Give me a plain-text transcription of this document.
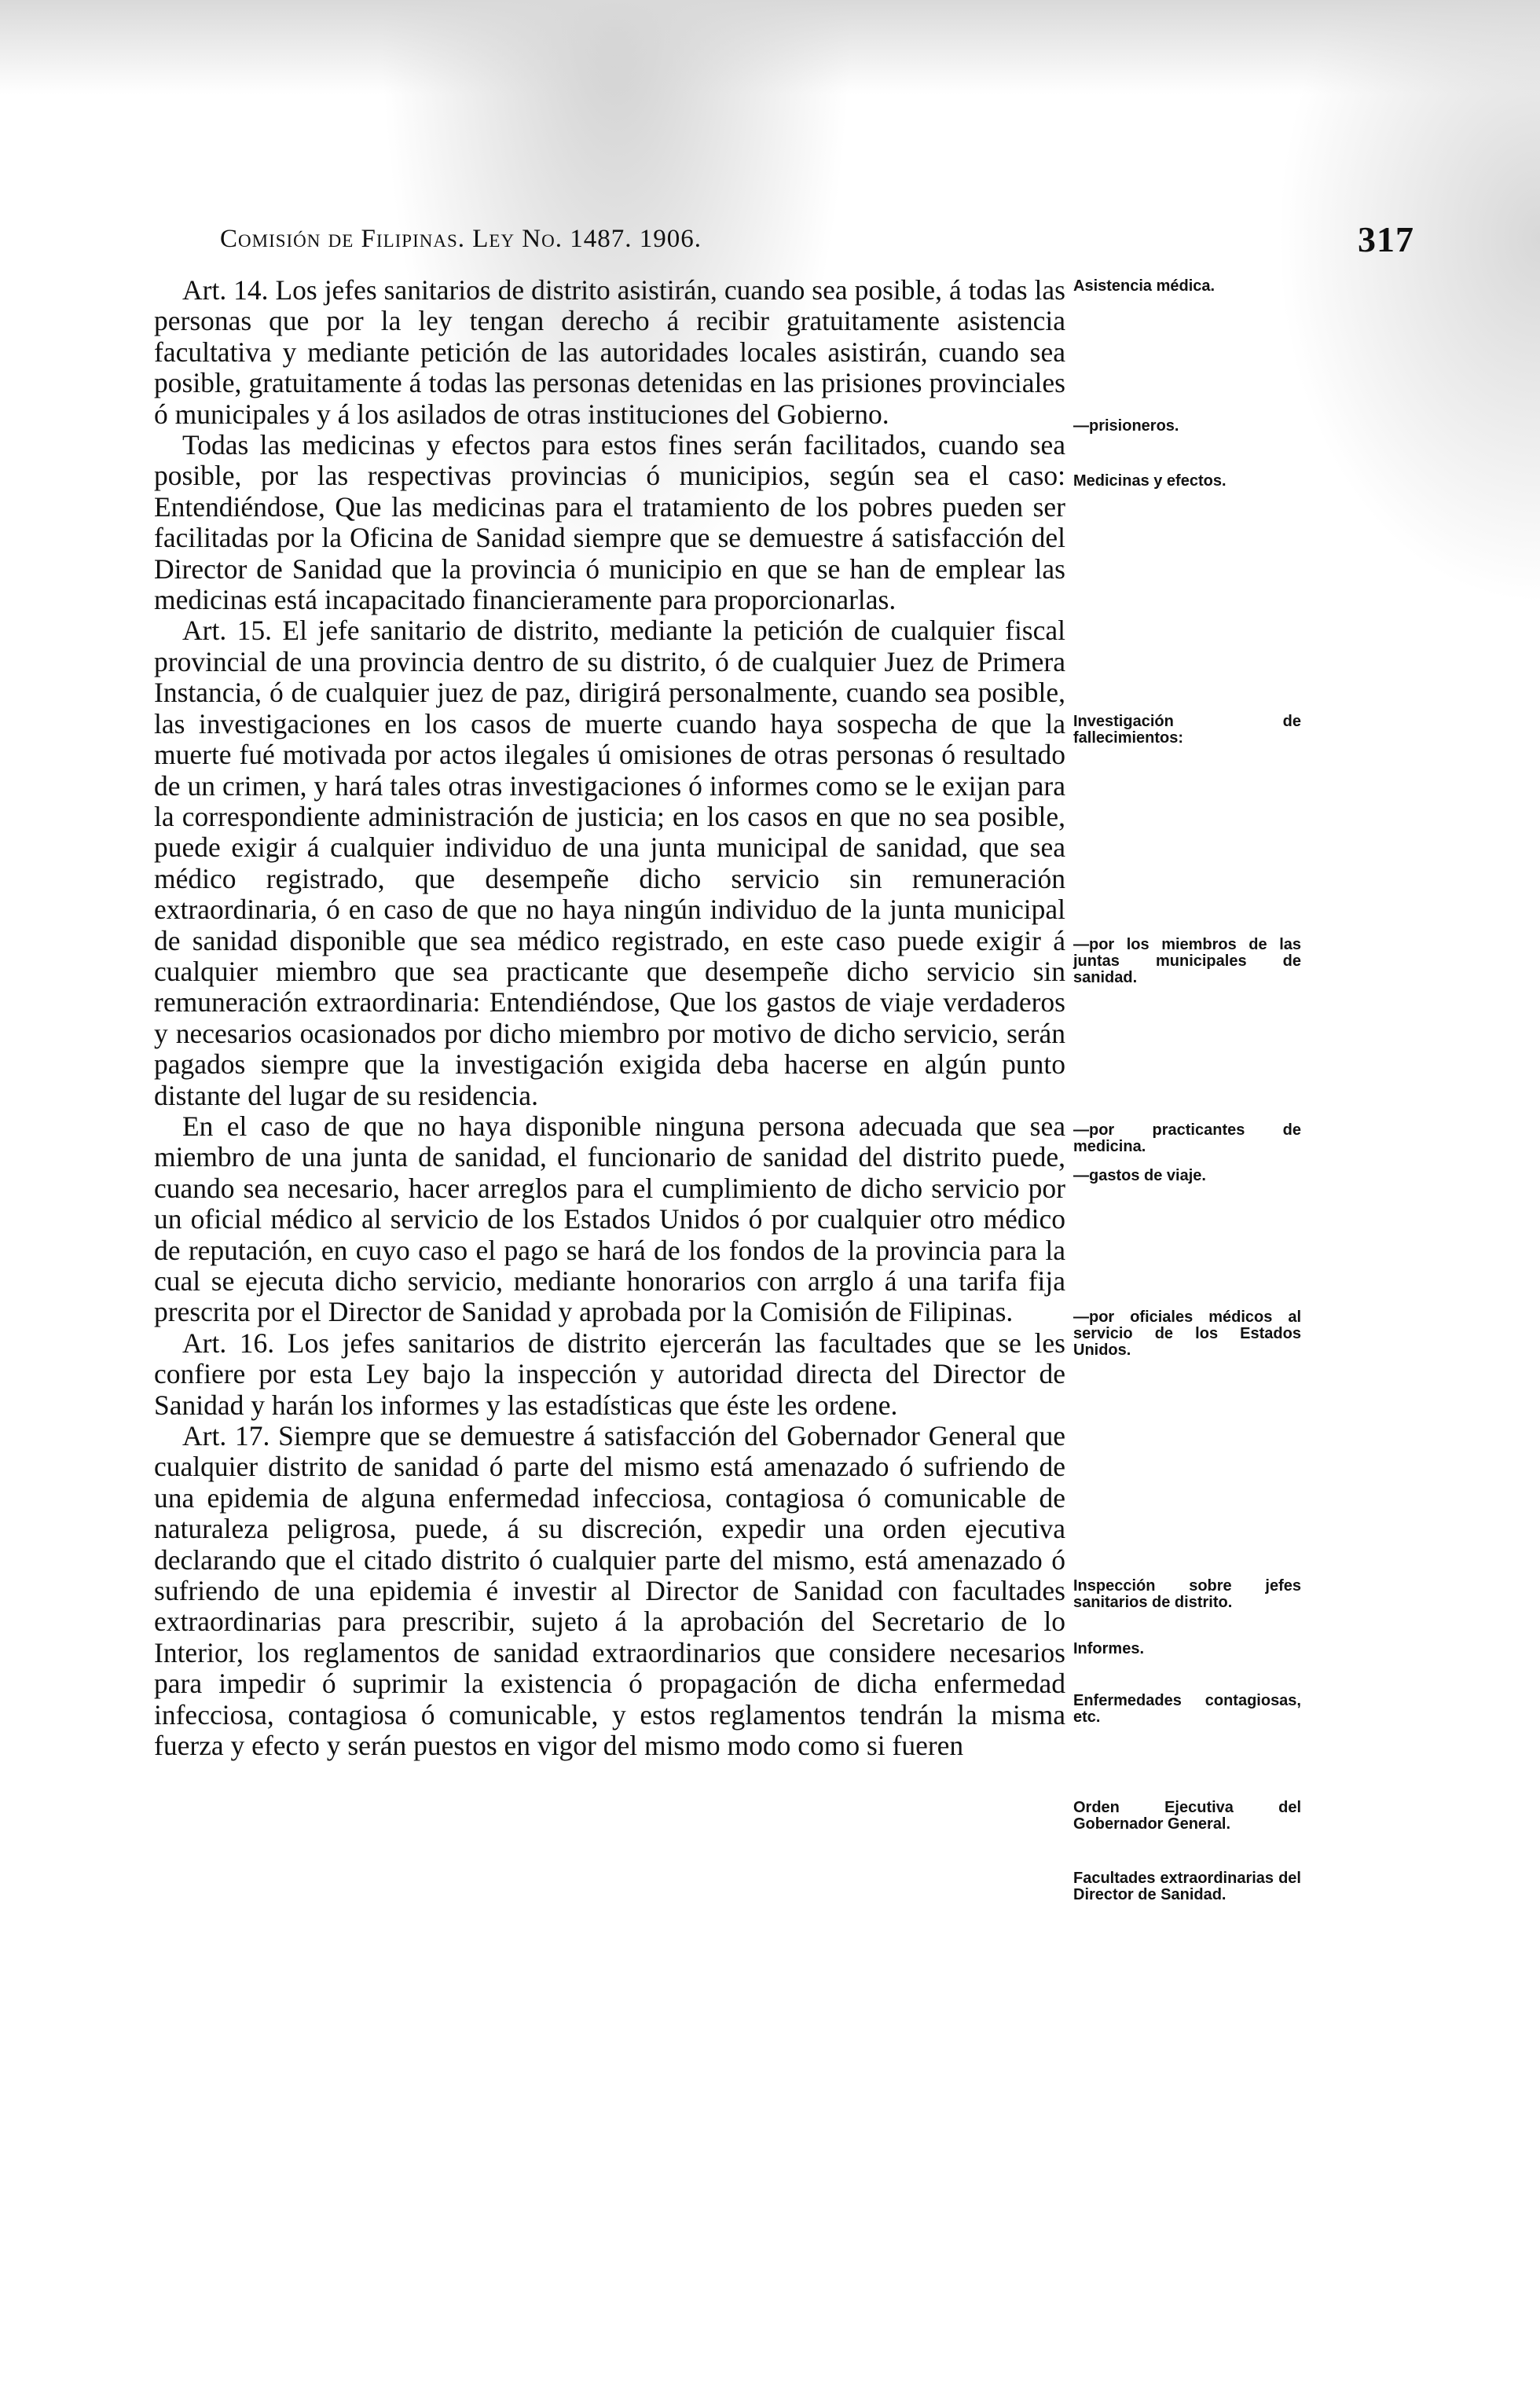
Comisión de Filipinas. Ley No. 1487. 1906.	317

Art. 14. Los jefes sanitarios de distrito asistirán, cuando sea posible, á todas las personas que por la ley tengan derecho á recibir gratuitamente asistencia facultativa y mediante petición de las autoridades locales asistirán, cuando sea posible, gratuitamente á todas las personas detenidas en las prisiones provinciales ó municipales y á los asilados de otras instituciones del Gobierno.

Todas las medicinas y efectos para estos fines serán facilitados, cuando sea posible, por las respectivas provincias ó municipios, según sea el caso: Entendiéndose, Que las medicinas para el tratamiento de los pobres pueden ser facilitadas por la Oficina de Sanidad siempre que se demuestre á satisfacción del Director de Sanidad que la provincia ó municipio en que se han de emplear las medicinas está incapacitado financieramente para proporcionarlas.

Art. 15. El jefe sanitario de distrito, mediante la petición de cualquier fiscal provincial de una provincia dentro de su distrito, ó de cualquier Juez de Primera Instancia, ó de cualquier juez de paz, dirigirá personalmente, cuando sea posible, las investigaciones en los casos de muerte cuando haya sospecha de que la muerte fué motivada por actos ilegales ú omisiones de otras personas ó resultado de un crimen, y hará tales otras investigaciones ó informes como se le exijan para la correspondiente administración de justicia; en los casos en que no sea posible, puede exigir á cualquier individuo de una junta municipal de sanidad, que sea médico registrado, que desempeñe dicho servicio sin remuneración extraordinaria, ó en caso de que no haya ningún individuo de la junta municipal de sanidad disponible que sea médico registrado, en este caso puede exigir á cualquier miembro que sea practicante que desempeñe dicho servicio sin remuneración extraordinaria: Entendiéndose, Que los gastos de viaje verdaderos y necesarios ocasionados por dicho miembro por motivo de dicho servicio, serán pagados siempre que la investigación exigida deba hacerse en algún punto distante del lugar de su residencia.

En el caso de que no haya disponible ninguna persona adecuada que sea miembro de una junta de sanidad, el funcionario de sanidad del distrito puede, cuando sea necesario, hacer arreglos para el cumplimiento de dicho servicio por un oficial médico al servicio de los Estados Unidos ó por cualquier otro médico de reputación, en cuyo caso el pago se hará de los fondos de la provincia para la cual se ejecuta dicho servicio, mediante honorarios con arrglo á una tarifa fija prescrita por el Director de Sanidad y aprobada por la Comisión de Filipinas.

Art. 16. Los jefes sanitarios de distrito ejercerán las facultades que se les confiere por esta Ley bajo la inspección y autoridad directa del Director de Sanidad y harán los informes y las estadísticas que éste les ordene.

Art. 17. Siempre que se demuestre á satisfacción del Gobernador General que cualquier distrito de sanidad ó parte del mismo está amenazado ó sufriendo de una epidemia de alguna enfermedad infecciosa, contagiosa ó comunicable de naturaleza peligrosa, puede, á su discreción, expedir una orden ejecutiva declarando que el citado distrito ó cualquier parte del mismo, está amenazado ó sufriendo de una epidemia é investir al Director de Sanidad con facultades extraordinarias para prescribir, sujeto á la aprobación del Secretario de lo Interior, los reglamentos de sanidad extraordinarios que considere necesarios para impedir ó suprimir la existencia ó propagación de dicha enfermedad infecciosa, contagiosa ó comunicable, y estos reglamentos tendrán la misma fuerza y efecto y serán puestos en vigor del mismo modo como si fueren

Asistencia médica.
—prisioneros.
Medicinas y efectos.
Investigación de fallecimientos:
—por los miembros de las juntas municipales de sanidad.
—por practicantes de medicina.
—gastos de viaje.
—por oficiales médicos al servicio de los Estados Unidos.
Inspección sobre jefes sanitarios de distrito.
Informes.
Enfermedades contagiosas, etc.
Orden Ejecutiva del Gobernador General.
Facultades extraordinarias del Director de Sanidad.
